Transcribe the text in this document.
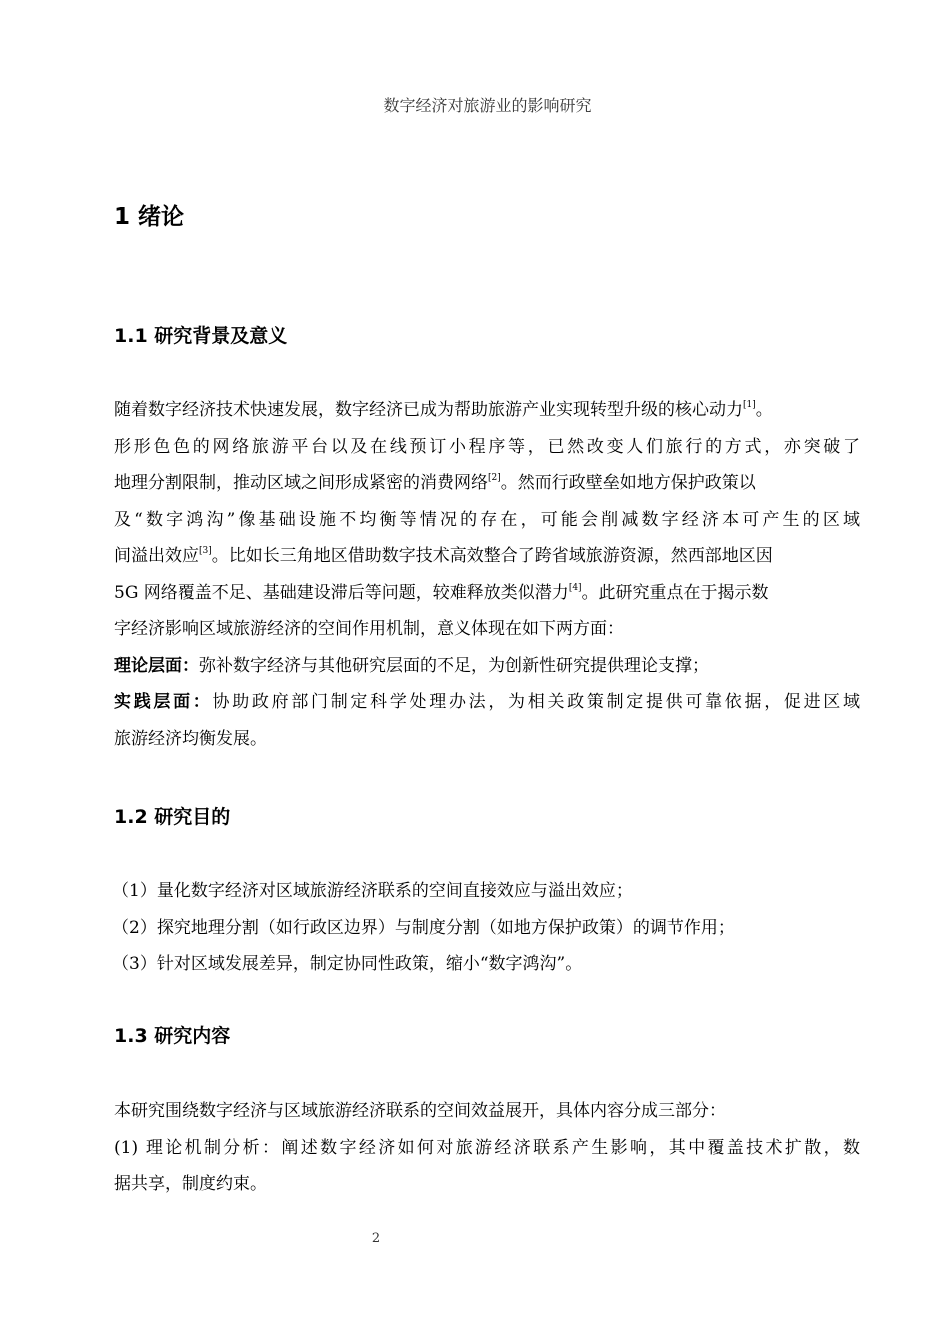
数字经济对旅游业的影响研究
1 绪论
1.1 研究背景及意义
随着数字经济技术快速发展，数字经济已成为帮助旅游产业实现转型升级的核心动力[1]。
形形色色的网络旅游平台以及在线预订小程序等，已然改变人们旅行的方式，亦突破了
地理分割限制，推动区域之间形成紧密的消费网络[2]。然而行政壁垒如地方保护政策以
及“数字鸿沟”像基础设施不均衡等情况的存在，可能会削减数字经济本可产生的区域
间溢出效应[3]。比如长三角地区借助数字技术高效整合了跨省域旅游资源，然西部地区因
5G 网络覆盖不足、基础建设滞后等问题，较难释放类似潜力[4]。此研究重点在于揭示数
字经济影响区域旅游经济的空间作用机制，意义体现在如下两方面：
理论层面：弥补数字经济与其他研究层面的不足，为创新性研究提供理论支撑；
实践层面：协助政府部门制定科学处理办法，为相关政策制定提供可靠依据，促进区域
旅游经济均衡发展。
1.2 研究目的
（1）量化数字经济对区域旅游经济联系的空间直接效应与溢出效应；
（2）探究地理分割（如行政区边界）与制度分割（如地方保护政策）的调节作用；
（3）针对区域发展差异，制定协同性政策，缩小“数字鸿沟”。
1.3 研究内容
本研究围绕数字经济与区域旅游经济联系的空间效益展开，具体内容分成三部分：
(1) 理论机制分析：阐述数字经济如何对旅游经济联系产生影响，其中覆盖技术扩散，数
据共享，制度约束。
2
